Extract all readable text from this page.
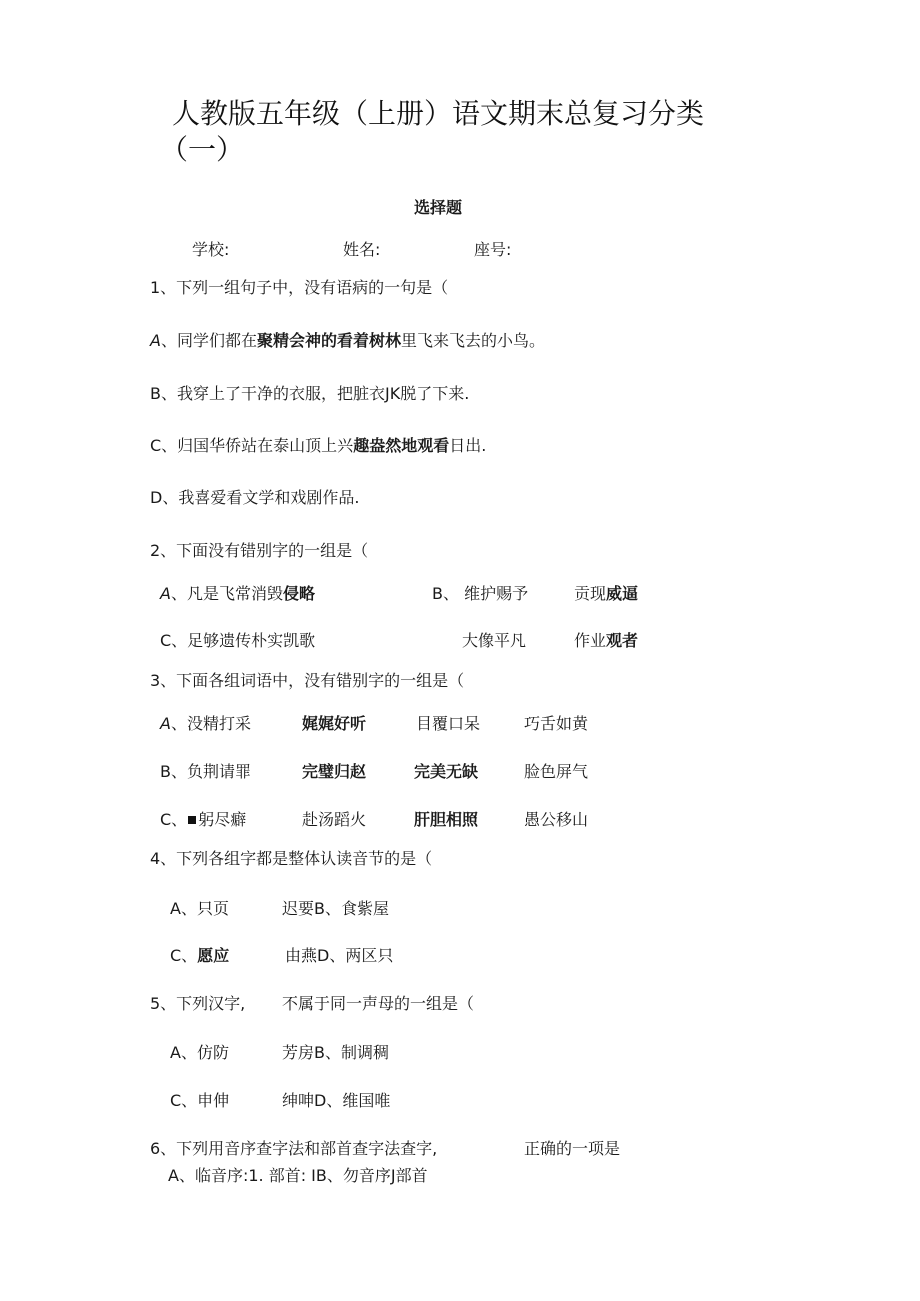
人教版五年级（上册）语文期末总复习分类
（一）
选择题
学校:	姓名:	座号:
1、下列一组句子中，没有语病的一句是（
A、同学们都在聚精会神的看着树林里飞来飞去的小鸟。
B、我穿上了干净的衣服，把脏衣JK脱了下来.
C、归国华侨站在泰山顶上兴趣盎然地观看日出.
D、我喜爱看文学和戏剧作品.
2、下面没有错别字的一组是（
A、凡是飞常消毁侵略	B、 维护赐予	贡现威逼
C、足够遗传朴实凯歌	大像平凡	作业观者
3、下面各组词语中，没有错别字的一组是（
A、没精打采	娓娓好听	目覆口呆	巧舌如黄
B、负荆请罪	完璧归赵	完美无缺	脸色屏气
C、 躬尽癖	赴汤蹈火	肝胆相照	愚公移山
4、下列各组字都是整体认读音节的是（
A、只页	迟要B、食紫屋
C、愿应	由燕D、两区只
5、下列汉字, 不属于同一声母的一组是（
A、仿防	芳房B、制调稠
C、申伸	绅呻D、维国唯
6、下列用音序查字法和部首查字法查字,	正确的一项是
A、临音序:1. 部首: IB、勿音序J部首
